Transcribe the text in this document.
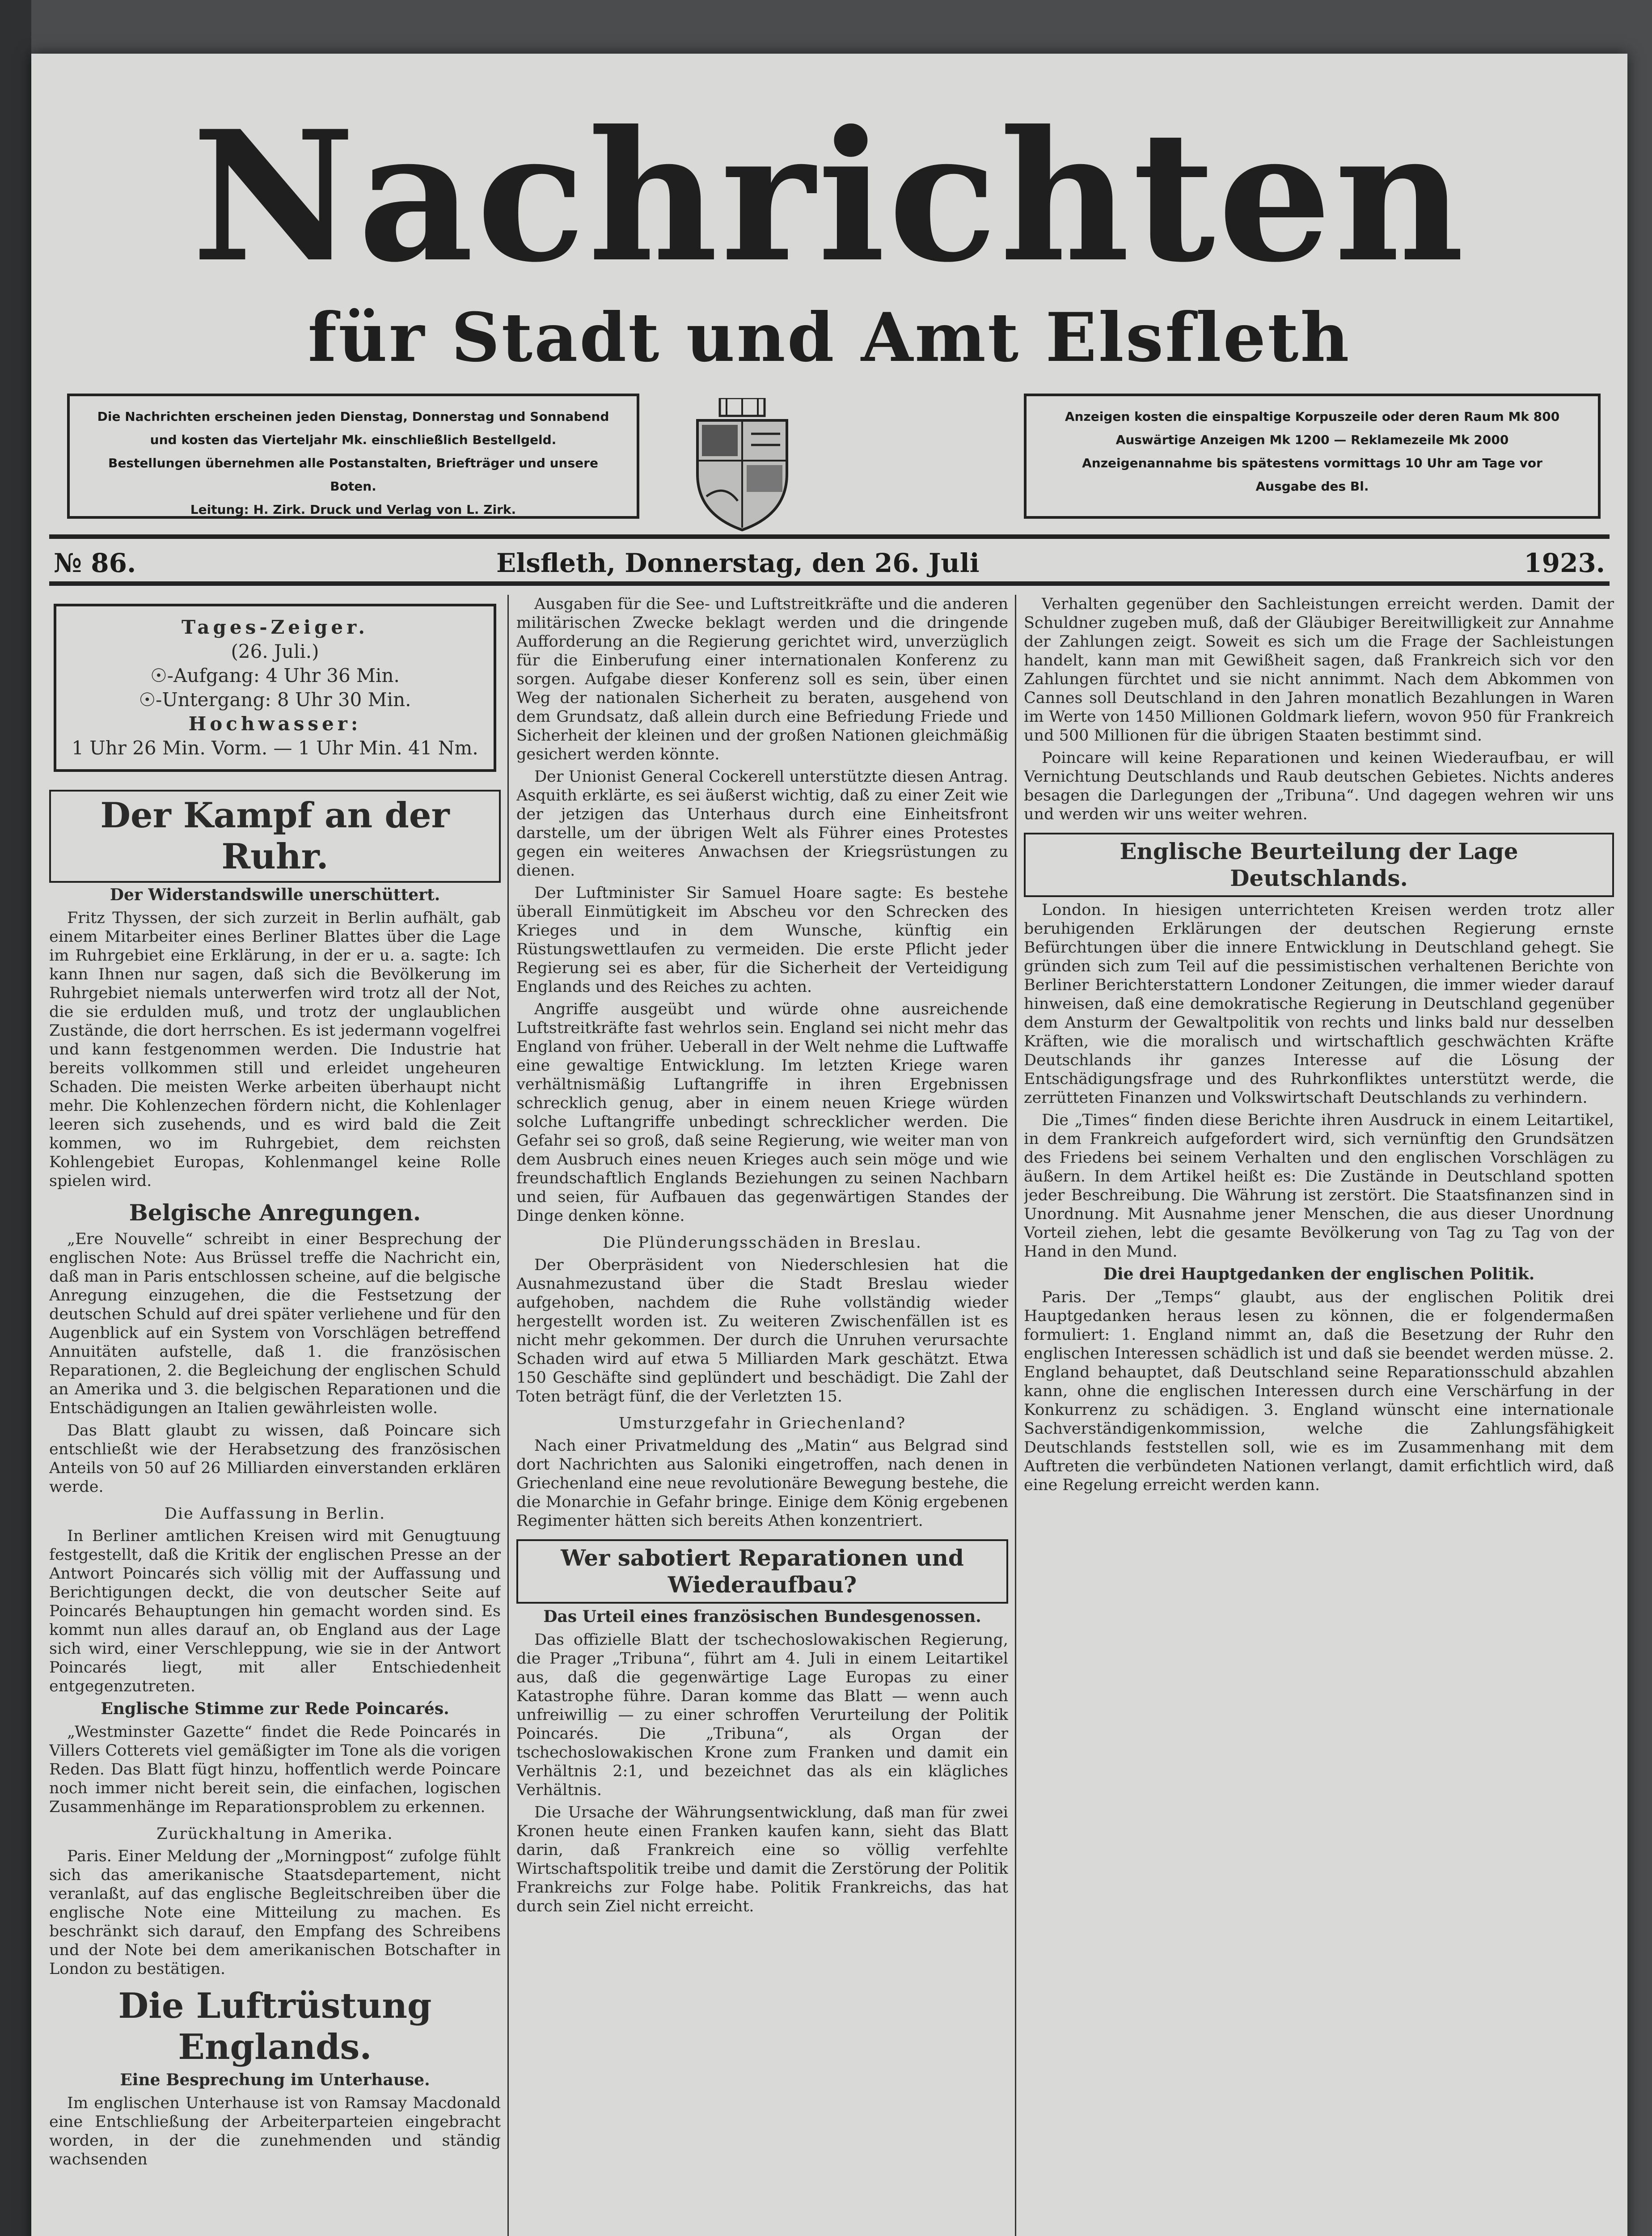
Nachrichten
für Stadt und Amt Elsfleth
Die Nachrichten erscheinen jeden Dienstag, Donnerstag und Sonnabend
und kosten das Vierteljahr Mk. einschließlich Bestellgeld.
Bestellungen übernehmen alle Postanstalten, Briefträger und unsere Boten.
Leitung: H. Zirk. Druck und Verlag von L. Zirk.
Anzeigen kosten die einspaltige Korpuszeile oder deren Raum Mk 800
Auswärtige Anzeigen Mk 1200 — Reklamezeile Mk 2000
Anzeigenannahme bis spätestens vormittags 10 Uhr am Tage vor
Ausgabe des Bl.
№ 86.	Elsfleth, Donnerstag, den 26. Juli	1923.
Tages-Zeiger.
(26. Juli.)
☉-Aufgang: 4 Uhr 36 Min.
☉-Untergang: 8 Uhr 30 Min.
Hochwasser:
1 Uhr 26 Min. Vorm. — 1 Uhr Min. 41 Nm.
Der Kampf an der Ruhr.
Der Widerstandswille unerschüttert.

Fritz Thyssen, der sich zurzeit in Berlin aufhält, gab einem Mitarbeiter eines Berliner Blattes über die Lage im Ruhrgebiet eine Erklärung, in der er u. a. sagte: Ich kann Ihnen nur sagen, daß sich die Bevölkerung im Ruhrgebiet niemals unterwerfen wird trotz all der Not, die sie erdulden muß, und trotz der unglaublichen Zustände, die dort herrschen. Es ist jedermann vogelfrei und kann festgenommen werden. Die Industrie hat bereits vollkommen still und erleidet ungeheuren Schaden. Die meisten Werke arbeiten überhaupt nicht mehr. Die Kohlenzechen fördern nicht, die Kohlenlager leeren sich zusehends, und es wird bald die Zeit kommen, wo im Ruhrgebiet, dem reichsten Kohlengebiet Europas, Kohlenmangel keine Rolle spielen wird.

Belgische Anregungen.

„Ere Nouvelle“ schreibt in einer Besprechung der englischen Note: Aus Brüssel treffe die Nachricht ein, daß man in Paris entschlossen scheine, auf die belgische Anregung einzugehen, die die Festsetzung der deutschen Schuld auf drei später verliehene und für den Augenblick auf ein System von Vorschlägen betreffend Annuitäten aufstelle, daß 1. die französischen Reparationen, 2. die Begleichung der englischen Schuld an Amerika und 3. die belgischen Reparationen und die Entschädigungen an Italien gewährleisten wolle.

Das Blatt glaubt zu wissen, daß Poincare sich entschließt wie der Herabsetzung des französischen Anteils von 50 auf 26 Milliarden einverstanden erklären werde.

Die Auffassung in Berlin.

In Berliner amtlichen Kreisen wird mit Genugtuung festgestellt, daß die Kritik der englischen Presse an der Antwort Poincarés sich völlig mit der Auffassung und Berichtigungen deckt, die von deutscher Seite auf Poincarés Behauptungen hin gemacht worden sind. Es kommt nun alles darauf an, ob England aus der Lage sich wird, einer Verschleppung, wie sie in der Antwort Poincarés liegt, mit aller Entschiedenheit entgegenzutreten.

Englische Stimme zur Rede Poincarés.

„Westminster Gazette“ findet die Rede Poincarés in Villers Cotterets viel gemäßigter im Tone als die vorigen Reden. Das Blatt fügt hinzu, hoffentlich werde Poincare noch immer nicht bereit sein, die einfachen, logischen Zusammenhänge im Reparationsproblem zu erkennen.

Zurückhaltung in Amerika.

Paris. Einer Meldung der „Morningpost“ zufolge fühlt sich das amerikanische Staatsdepartement, nicht veranlaßt, auf das englische Begleitschreiben über die englische Note eine Mitteilung zu machen. Es beschränkt sich darauf, den Empfang des Schreibens und der Note bei dem amerikanischen Botschafter in London zu bestätigen.

Die Luftrüstung Englands.
Eine Besprechung im Unterhause.

Im englischen Unterhause ist von Ramsay Macdonald eine Entschließung der Arbeiterparteien eingebracht worden, in der die zunehmenden und ständig wachsenden

Ausgaben für die See- und Luftstreitkräfte und die anderen militärischen Zwecke beklagt werden und die dringende Aufforderung an die Regierung gerichtet wird, unverzüglich für die Einberufung einer internationalen Konferenz zu sorgen. Aufgabe dieser Konferenz soll es sein, über einen Weg der nationalen Sicherheit zu beraten, ausgehend von dem Grundsatz, daß allein durch eine Befriedung Friede und Sicherheit der kleinen und der großen Nationen gleichmäßig gesichert werden könnte.

Der Unionist General Cockerell unterstützte diesen Antrag. Asquith erklärte, es sei äußerst wichtig, daß zu einer Zeit wie der jetzigen das Unterhaus durch eine Einheitsfront darstelle, um der übrigen Welt als Führer eines Protestes gegen ein weiteres Anwachsen der Kriegsrüstungen zu dienen.

Der Luftminister Sir Samuel Hoare sagte: Es bestehe überall Einmütigkeit im Abscheu vor den Schrecken des Krieges und in dem Wunsche, künftig ein Rüstungswettlaufen zu vermeiden. Die erste Pflicht jeder Regierung sei es aber, für die Sicherheit der Verteidigung Englands und des Reiches zu achten.

Angriffe ausgeübt und würde ohne ausreichende Luftstreitkräfte fast wehrlos sein. England sei nicht mehr das England von früher. Ueberall in der Welt nehme die Luftwaffe eine gewaltige Entwicklung. Im letzten Kriege waren verhältnismäßig Luftangriffe in ihren Ergebnissen schrecklich genug, aber in einem neuen Kriege würden solche Luftangriffe unbedingt schrecklicher werden. Die Gefahr sei so groß, daß seine Regierung, wie weiter man von dem Ausbruch eines neuen Krieges auch sein möge und wie freundschaftlich Englands Beziehungen zu seinen Nachbarn und seien, für Aufbauen das gegenwärtigen Standes der Dinge denken könne.

Die Plünderungsschäden in Breslau.

Der Oberpräsident von Niederschlesien hat die Ausnahmezustand über die Stadt Breslau wieder aufgehoben, nachdem die Ruhe vollständig wieder hergestellt worden ist. Zu weiteren Zwischenfällen ist es nicht mehr gekommen. Der durch die Unruhen verursachte Schaden wird auf etwa 5 Milliarden Mark geschätzt. Etwa 150 Geschäfte sind geplündert und beschädigt. Die Zahl der Toten beträgt fünf, die der Verletzten 15.

Umsturzgefahr in Griechenland?

Nach einer Privatmeldung des „Matin“ aus Belgrad sind dort Nachrichten aus Saloniki eingetroffen, nach denen in Griechenland eine neue revolutionäre Bewegung bestehe, die die Monarchie in Gefahr bringe. Einige dem König ergebenen Regimenter hätten sich bereits Athen konzentriert.

Wer sabotiert Reparationen und Wiederaufbau?
Das Urteil eines französischen Bundesgenossen.

Das offizielle Blatt der tschechoslowakischen Regierung, die Prager „Tribuna“, führt am 4. Juli in einem Leitartikel aus, daß die gegenwärtige Lage Europas zu einer Katastrophe führe. Daran komme das Blatt — wenn auch unfreiwillig — zu einer schroffen Verurteilung der Politik Poincarés. Die „Tribuna“, als Organ der tschechoslowakischen Krone zum Franken und damit ein Verhältnis 2:1, und bezeichnet das als ein klägliches Verhältnis.

Die Ursache der Währungsentwicklung, daß man für zwei Kronen heute einen Franken kaufen kann, sieht das Blatt darin, daß Frankreich eine so völlig verfehlte Wirtschaftspolitik treibe und damit die Zerstörung der Politik Frankreichs zur Folge habe. Politik Frankreichs, das hat durch sein Ziel nicht erreicht.

Verhalten gegenüber den Sachleistungen erreicht werden. Damit der Schuldner zugeben muß, daß der Gläubiger Bereitwilligkeit zur Annahme der Zahlungen zeigt. Soweit es sich um die Frage der Sachleistungen handelt, kann man mit Gewißheit sagen, daß Frankreich sich vor den Zahlungen fürchtet und sie nicht annimmt. Nach dem Abkommen von Cannes soll Deutschland in den Jahren monatlich Bezahlungen in Waren im Werte von 1450 Millionen Goldmark liefern, wovon 950 für Frankreich und 500 Millionen für die übrigen Staaten bestimmt sind.

Poincare will keine Reparationen und keinen Wiederaufbau, er will Vernichtung Deutschlands und Raub deutschen Gebietes. Nichts anderes besagen die Darlegungen der „Tribuna“. Und dagegen wehren wir uns und werden wir uns weiter wehren.

Englische Beurteilung der Lage Deutschlands.

London. In hiesigen unterrichteten Kreisen werden trotz aller beruhigenden Erklärungen der deutschen Regierung ernste Befürchtungen über die innere Entwicklung in Deutschland gehegt. Sie gründen sich zum Teil auf die pessimistischen verhaltenen Berichte von Berliner Berichterstattern Londoner Zeitungen, die immer wieder darauf hinweisen, daß eine demokratische Regierung in Deutschland gegenüber dem Ansturm der Gewaltpolitik von rechts und links bald nur desselben Kräften, wie die moralisch und wirtschaftlich geschwächten Kräfte Deutschlands ihr ganzes Interesse auf die Lösung der Entschädigungsfrage und des Ruhrkonfliktes unterstützt werde, die zerrütteten Finanzen und Volkswirtschaft Deutschlands zu verhindern.

Die „Times“ finden diese Berichte ihren Ausdruck in einem Leitartikel, in dem Frankreich aufgefordert wird, sich vernünftig den Grundsätzen des Friedens bei seinem Verhalten und den englischen Vorschlägen zu äußern. In dem Artikel heißt es: Die Zustände in Deutschland spotten jeder Beschreibung. Die Währung ist zerstört. Die Staatsfinanzen sind in Unordnung. Mit Ausnahme jener Menschen, die aus dieser Unordnung Vorteil ziehen, lebt die gesamte Bevölkerung von Tag zu Tag von der Hand in den Mund.

Die drei Hauptgedanken der englischen Politik.

Paris. Der „Temps“ glaubt, aus der englischen Politik drei Hauptgedanken heraus lesen zu können, die er folgendermaßen formuliert: 1. England nimmt an, daß die Besetzung der Ruhr den englischen Interessen schädlich ist und daß sie beendet werden müsse. 2. England behauptet, daß Deutschland seine Reparationsschuld abzahlen kann, ohne die englischen Interessen durch eine Verschärfung in der Konkurrenz zu schädigen. 3. England wünscht eine internationale Sachverständigenkommission, welche die Zahlungsfähigkeit Deutschlands feststellen soll, wie es im Zusammenhang mit dem Auftreten die verbündeten Nationen verlangt, damit erfichtlich wird, daß eine Regelung erreicht werden kann.
